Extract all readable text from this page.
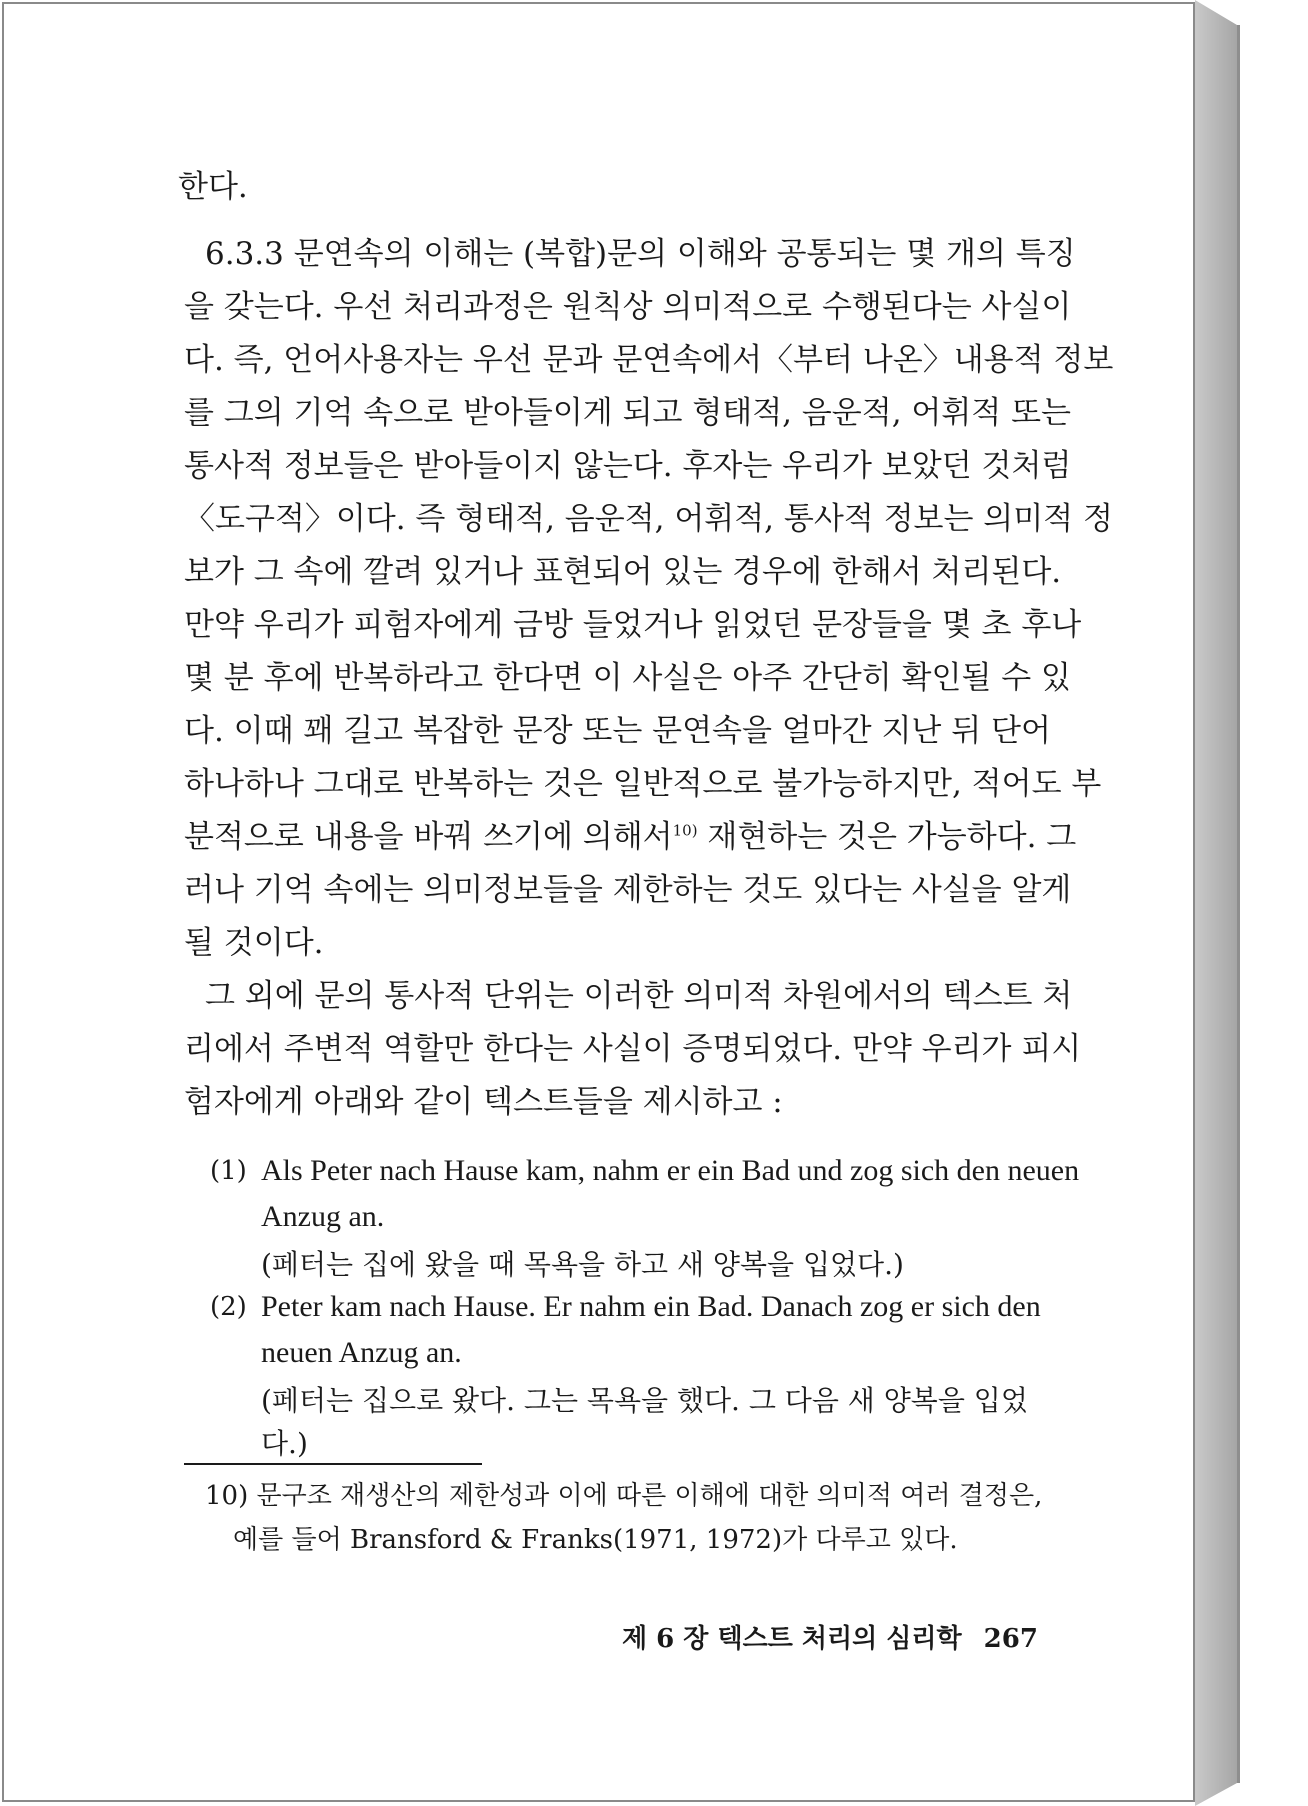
한다.
6.3.3 문연속의 이해는 (복합)문의 이해와 공통되는 몇 개의 특징
을 갖는다. 우선 처리과정은 원칙상 의미적으로 수행된다는 사실이
다. 즉, 언어사용자는 우선 문과 문연속에서〈부터 나온〉내용적 정보
를 그의 기억 속으로 받아들이게 되고 형태적, 음운적, 어휘적 또는
통사적 정보들은 받아들이지 않는다. 후자는 우리가 보았던 것처럼
〈도구적〉이다. 즉 형태적, 음운적, 어휘적, 통사적 정보는 의미적 정
보가 그 속에 깔려 있거나 표현되어 있는 경우에 한해서 처리된다.
만약 우리가 피험자에게 금방 들었거나 읽었던 문장들을 몇 초 후나
몇 분 후에 반복하라고 한다면 이 사실은 아주 간단히 확인될 수 있
다. 이때 꽤 길고 복잡한 문장 또는 문연속을 얼마간 지난 뒤 단어
하나하나 그대로 반복하는 것은 일반적으로 불가능하지만, 적어도 부
분적으로 내용을 바꿔 쓰기에 의해서$^{10)}$ 재현하는 것은 가능하다. 그
러나 기억 속에는 의미정보들을 제한하는 것도 있다는 사실을 알게
될 것이다.
그 외에 문의 통사적 단위는 이러한 의미적 차원에서의 텍스트 처
리에서 주변적 역할만 한다는 사실이 증명되었다. 만약 우리가 피시
험자에게 아래와 같이 텍스트들을 제시하고 :
(1) Als Peter nach Hause kam, nahm er ein Bad und zog sich den neuen
Anzug an.
(페터는 집에 왔을 때 목욕을 하고 새 양복을 입었다.)
(2) Peter kam nach Hause. Er nahm ein Bad. Danach zog er sich den
neuen Anzug an.
(페터는 집으로 왔다. 그는 목욕을 했다. 그 다음 새 양복을 입었
다.)
10) 문구조 재생산의 제한성과 이에 따른 이해에 대한 의미적 여러 결정은,
예를 들어 Bransford & Franks(1971, 1972)가 다루고 있다.
제 6 장 텍스트 처리의 심리학 267
